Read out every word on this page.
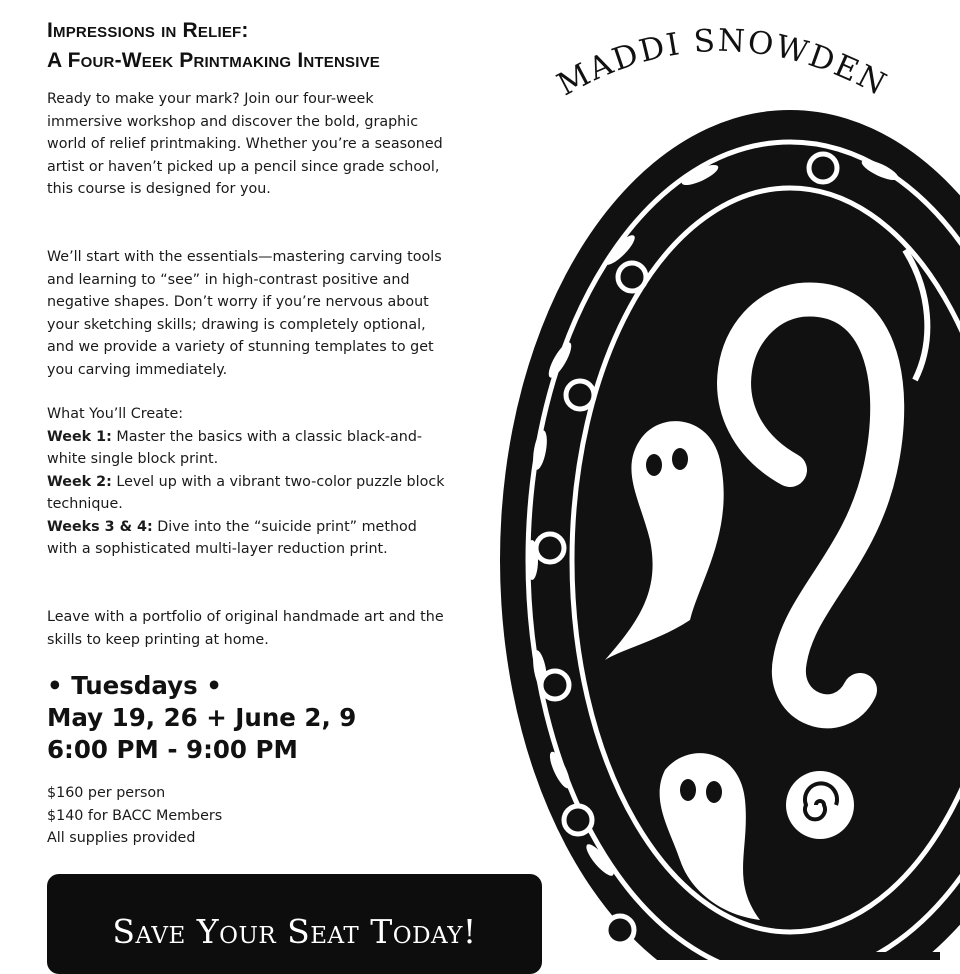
Impressions in Relief:
A Four-Week Printmaking Intensive

Ready to make your mark? Join our four-week immersive workshop and discover the bold, graphic world of relief printmaking. Whether you’re a seasoned artist or haven’t picked up a pencil since grade school, this course is designed for you.

We’ll start with the essentials—mastering carving tools and learning to “see” in high-contrast positive and negative shapes. Don’t worry if you’re nervous about your sketching skills; drawing is completely optional, and we provide a variety of stunning templates to get you carving immediately.

What You’ll Create:
Week 1: Master the basics with a classic black-and-white single block print.
Week 2: Level up with a vibrant two-color puzzle block technique.
Weeks 3 & 4: Dive into the “suicide print” method with a sophisticated multi-layer reduction print.

Leave with a portfolio of original handmade art and the skills to keep printing at home.

• Tuesdays •
May 19, 26 + June 2, 9
6:00 PM - 9:00 PM
$160 per person
$140 for BACC Members
All supplies provided
Save Your Seat Today!
MADDI SNOWDEN
